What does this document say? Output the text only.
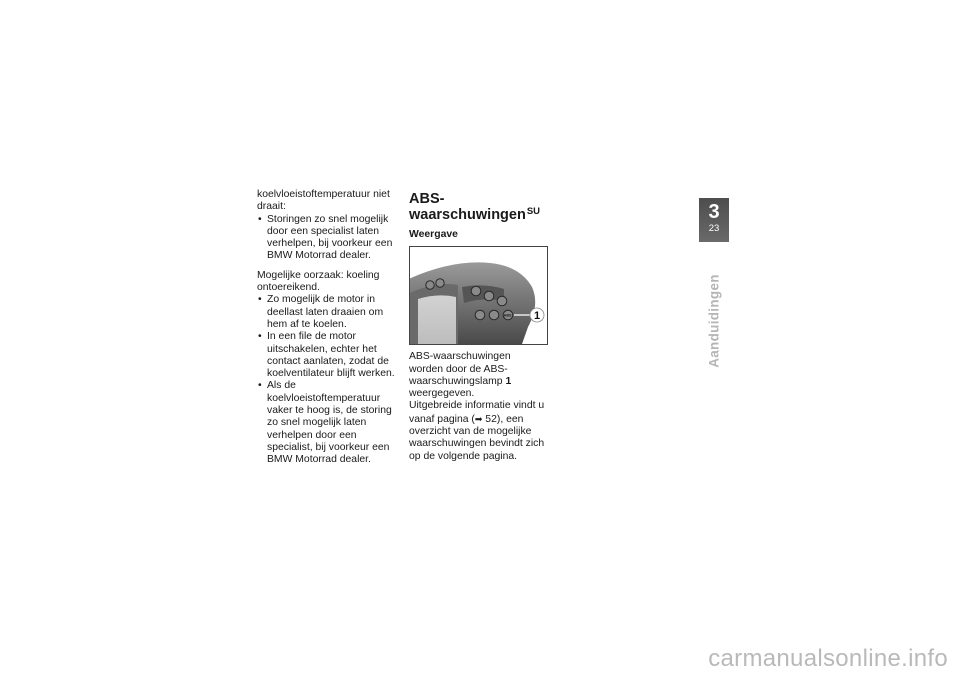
koelvloeistoftemperatuur niet draait:

• Storingen zo snel mogelijk door een specialist laten verhelpen, bij voorkeur een BMW Motorrad dealer.

Mogelijke oorzaak: koeling ontoereikend.

• Zo mogelijk de motor in deellast laten draaien om hem af te koelen.
• In een file de motor uitschakelen, echter het contact aanlaten, zodat de koelventilateur blijft werken.
• Als de koelvloeistoftemperatuur vaker te hoog is, de storing zo snel mogelijk laten verhelpen door een specialist, bij voorkeur een BMW Motorrad dealer.
ABS-waarschuwingen$^{SU}$
Weergave
ABS 1

ABS-waarschuwingen worden door de ABS-waarschuwingslamp 1 weergegeven.

Uitgebreide informatie vindt u vanaf pagina (➡ 52), een overzicht van de mogelijke waarschuwingen bevindt zich op de volgende pagina.

3
23
Aanduidingen
carmanualsonline.info
